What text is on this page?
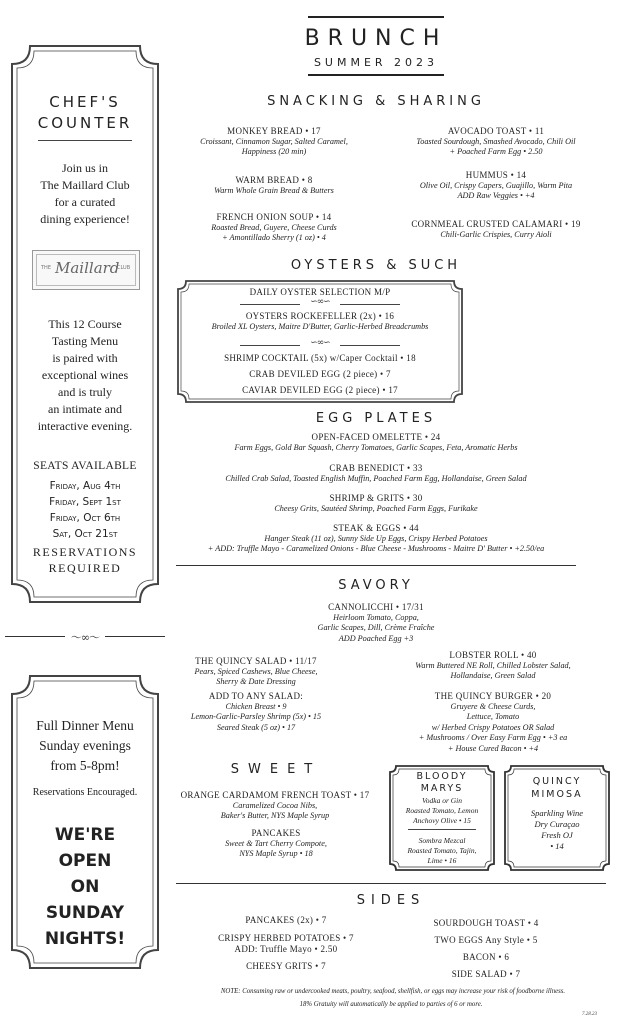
CHEF'S
COUNTER
Join us in
The Maillard Club
for a curated
dining experience!
THE Maillard
CLUB
This 12 Course
Tasting Menu
is paired with
exceptional wines
and is truly
an intimate and
interactive evening.
SEATS AVAILABLE
Friday, Aug 4th
Friday, Sept 1st
Friday, Oct 6th
Sat, Oct 21st
RESERVATIONS
REQUIRED
〜∞〜
Full Dinner Menu
Sunday evenings
from 5-8pm!
Reservations Encouraged.
WE'RE
OPEN
ON
SUNDAY
NIGHTS!
BRUNCH
SUMMER 2023
SNACKING & SHARING
MONKEY BREAD • 17
Croissant, Cinnamon Sugar, Salted Caramel,
Happiness (20 min)
WARM BREAD • 8
Warm Whole Grain Bread & Butters
FRENCH ONION SOUP • 14
Roasted Bread, Guyere, Cheese Curds
+ Amontillado Sherry (1 oz) • 4
AVOCADO TOAST • 11
Toasted Sourdough, Smashed Avocado, Chili Oil
+ Poached Farm Egg • 2.50
HUMMUS • 14
Olive Oil, Crispy Capers, Guajillo, Warm Pita
ADD Raw Veggies • +4
CORNMEAL CRUSTED CALAMARI • 19
Chili-Garlic Crispies, Curry Aioli
OYSTERS & SUCH
DAILY OYSTER SELECTION M/P
∽∞∽
OYSTERS ROCKEFELLER (2x) • 16
Broiled XL Oysters, Maitre D'Butter, Garlic-Herbed Breadcrumbs
∽∞∽
SHRIMP COCKTAIL (5x) w/Caper Cocktail • 18
CRAB DEVILED EGG (2 piece) • 7
CAVIAR DEVILED EGG (2 piece) • 17
EGG PLATES
OPEN-FACED OMELETTE • 24
Farm Eggs, Gold Bar Squash, Cherry Tomatoes, Garlic Scapes, Feta, Aromatic Herbs
CRAB BENEDICT • 33
Chilled Crab Salad, Toasted English Muffin, Poached Farm Egg, Hollandaise, Green Salad
SHRIMP & GRITS • 30
Cheesy Grits, Sautéed Shrimp, Poached Farm Eggs, Furikake
STEAK & EGGS • 44
Hanger Steak (11 oz), Sunny Side Up Eggs, Crispy Herbed Potatoes
+ ADD: Truffle Mayo - Caramelized Onions - Blue Cheese - Mushrooms - Maitre D' Butter • +2.50/ea
SAVORY
CANNOLICCHI • 17/31
Heirloom Tomato, Coppa,
Garlic Scapes, Dill, Crème Fraîche
ADD Poached Egg +3
LOBSTER ROLL • 40
Warm Buttered NE Roll, Chilled Lobster Salad,
Hollandaise, Green Salad
THE QUINCY SALAD • 11/17
Pears, Spiced Cashews, Blue Cheese,
Sherry & Date Dressing
ADD TO ANY SALAD:
Chicken Breast • 9
Lemon-Garlic-Parsley Shrimp (5x) • 15
Seared Steak (5 oz) • 17
THE QUINCY BURGER • 20
Gruyere & Cheese Curds,
Lettuce, Tomato
w/ Herbed Crispy Potatoes OR Salad
+ Mushrooms / Over Easy Farm Egg • +3 ea
+ House Cured Bacon • +4
SWEET
ORANGE CARDAMOM FRENCH TOAST • 17
Caramelized Cocoa Nibs,
Baker's Butter, NYS Maple Syrup
PANCAKES
Sweet & Tart Cherry Compote,
NYS Maple Syrup • 18
BLOODY
MARYS
Vodka or Gin
Roasted Tomato, Lemon
Anchovy Olive • 15
Sombra Mezcal
Roasted Tomato, Tajin,
Lime • 16
QUINCY
MIMOSA
Sparkling Wine
Dry Curaçao
Fresh OJ
• 14
SIDES
PANCAKES (2x) • 7
CRISPY HERBED POTATOES • 7
ADD: Truffle Mayo • 2.50
CHEESY GRITS • 7
SOURDOUGH TOAST • 4
TWO EGGS Any Style • 5
BACON • 6
SIDE SALAD • 7
NOTE: Consuming raw or undercooked meats, poultry, seafood, shellfish, or eggs may increase your risk of foodborne illness.
18% Gratuity will automatically be applied to parties of 6 or more.
7.28.23
